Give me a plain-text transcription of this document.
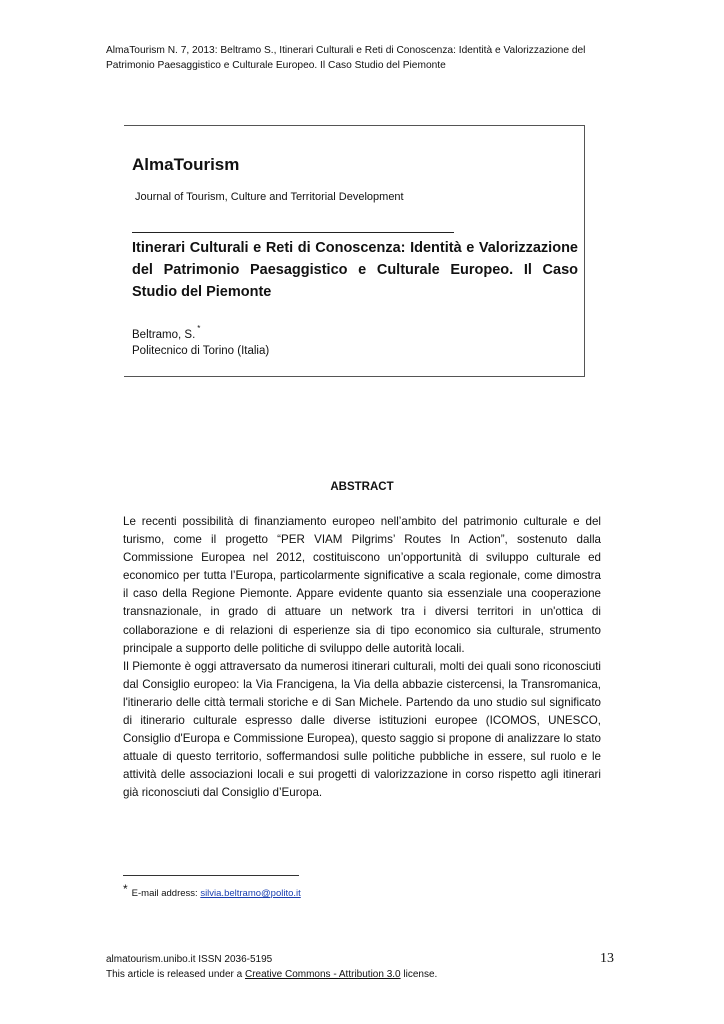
AlmaTourism N. 7, 2013: Beltramo S., Itinerari Culturali e Reti di Conoscenza: Identità e Valorizzazione del Patrimonio Paesaggistico e Culturale Europeo. Il Caso Studio del Piemonte
AlmaTourism
Journal of Tourism, Culture and Territorial Development
Itinerari Culturali e Reti di Conoscenza: Identità e Valorizzazione del Patrimonio Paesaggistico e Culturale Europeo. Il Caso Studio del Piemonte
Beltramo, S.*
Politecnico di Torino (Italia)
ABSTRACT

Le recenti possibilità di finanziamento europeo nell’ambito del patrimonio culturale e del turismo, come il progetto “PER VIAM Pilgrims’ Routes In Action”, sostenuto dalla Commissione Europea nel 2012, costituiscono un’opportunità di sviluppo culturale ed economico per tutta l’Europa, particolarmente significative a scala regionale, come dimostra il caso della Regione Piemonte. Appare evidente quanto sia essenziale una cooperazione transnazionale, in grado di attuare un network tra i diversi territori in un'ottica di collaborazione e di relazioni di esperienze sia di tipo economico sia culturale, strumento principale a supporto delle politiche di sviluppo delle autorità locali.

Il Piemonte è oggi attraversato da numerosi itinerari culturali, molti dei quali sono riconosciuti dal Consiglio europeo: la Via Francigena, la Via della abbazie cistercensi, la Transromanica, l'itinerario delle città termali storiche e di San Michele. Partendo da uno studio sul significato di itinerario culturale espresso dalle diverse istituzioni europee (ICOMOS, UNESCO, Consiglio d'Europa e Commissione Europea), questo saggio si propone di analizzare lo stato attuale di questo territorio, soffermandosi sulle politiche pubbliche in essere, sul ruolo e le attività delle associazioni locali e sui progetti di valorizzazione in corso rispetto agli itinerari già riconosciuti dal Consiglio d’Europa.

* E-mail address: silvia.beltramo@polito.it
almatourism.unibo.it ISSN 2036-5195
This article is released under a Creative Commons - Attribution 3.0 license.
13
